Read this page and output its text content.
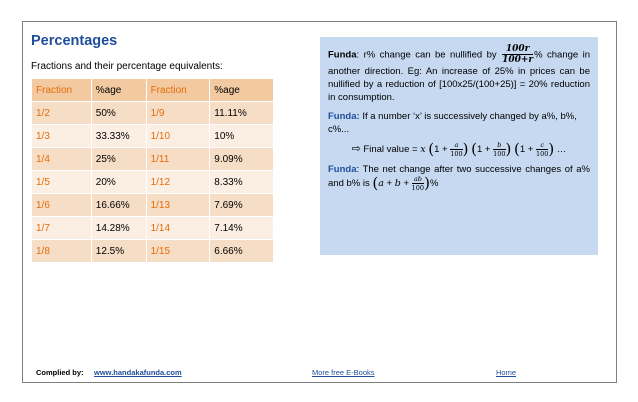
Percentages
Fractions and their percentage equivalents:
Fraction	%age	Fraction	%age
1/2	50%	1/9	11.11%
1/3	33.33%	1/10	10%
1/4	25%	1/11	9.09%
1/5	20%	1/12	8.33%
1/6	16.66%	1/13	7.69%
1/7	14.28%	1/14	7.14%
1/8	12.5%	1/15	6.66%

Funda: r% change can be nullified by $\frac{100r}{100+r}$ % change in another direction. Eg: An increase of 25% in prices can be nullified by a reduction of [100x25/(100+25)] = 20% reduction in consumption.

Funda: If a number ‘x’ is successively changed by a%, b%, c%...

⇨ Final value = x ($1 + \frac{a}{100}$ ) ($1 + \frac{b}{100}$ ) ($1 + \frac{c}{100}$ ) …

Funda: The net change after two successive changes of a% and b% is ($a + b + \frac{ab}{100}$ )%

Complied by: www.handakafunda.com	More free E-Books	Home
